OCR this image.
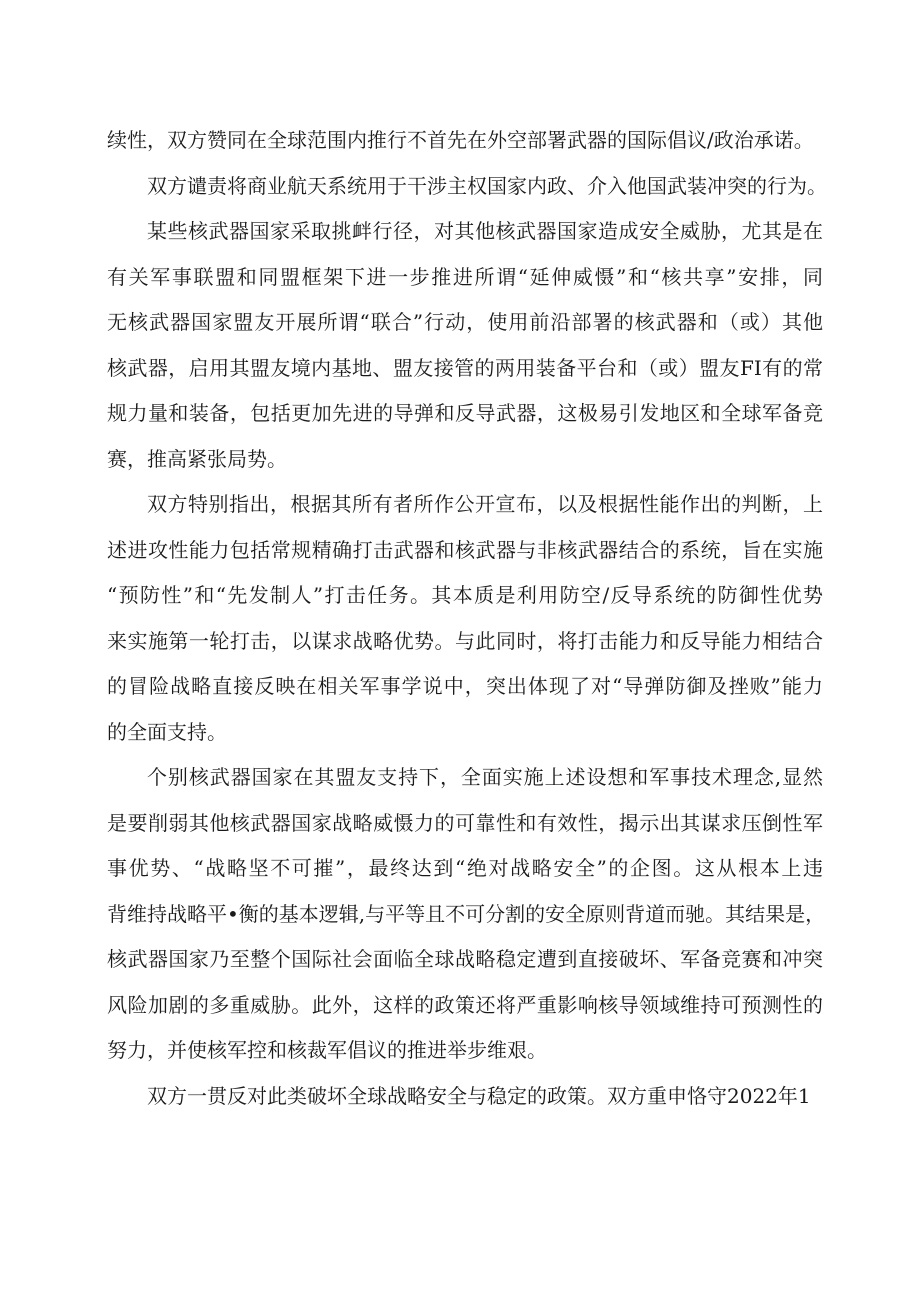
续性，双方赞同在全球范围内推行不首先在外空部署武器的国际倡议/政治承诺。

双方谴责将商业航天系统用于干涉主权国家内政、介入他国武装冲突的行为。

某些核武器国家采取挑衅行径，对其他核武器国家造成安全威胁，尤其是在
有关军事联盟和同盟框架下进一步推进所谓“延伸威慑”和“核共享”安排，同
无核武器国家盟友开展所谓“联合”行动，使用前沿部署的核武器和（或）其他
核武器，启用其盟友境内基地、盟友接管的两用装备平台和（或）盟友FI有的常
规力量和装备，包括更加先进的导弹和反导武器，这极易引发地区和全球军备竞
赛，推高紧张局势。

双方特别指出，根据其所有者所作公开宣布，以及根据性能作出的判断，上
述进攻性能力包括常规精确打击武器和核武器与非核武器结合的系统，旨在实施
“预防性”和“先发制人”打击任务。其本质是利用防空/反导系统的防御性优势
来实施第一轮打击，以谋求战略优势。与此同时，将打击能力和反导能力相结合
的冒险战略直接反映在相关军事学说中，突出体现了对“导弹防御及挫败”能力
的全面支持。

个别核武器国家在其盟友支持下，全面实施上述设想和军事技术理念,显然
是要削弱其他核武器国家战略威慑力的可靠性和有效性，揭示出其谋求压倒性军
事优势、“战略坚不可摧”，最终达到“绝对战略安全”的企图。这从根本上违
背维持战略平•衡的基本逻辑,与平等且不可分割的安全原则背道而驰。其结果是，
核武器国家乃至整个国际社会面临全球战略稳定遭到直接破坏、军备竞赛和冲突
风险加剧的多重威胁。此外，这样的政策还将严重影响核导领域维持可预测性的
努力，并使核军控和核裁军倡议的推进举步维艰。

双方一贯反对此类破坏全球战略安全与稳定的政策。双方重申恪守2022年1
